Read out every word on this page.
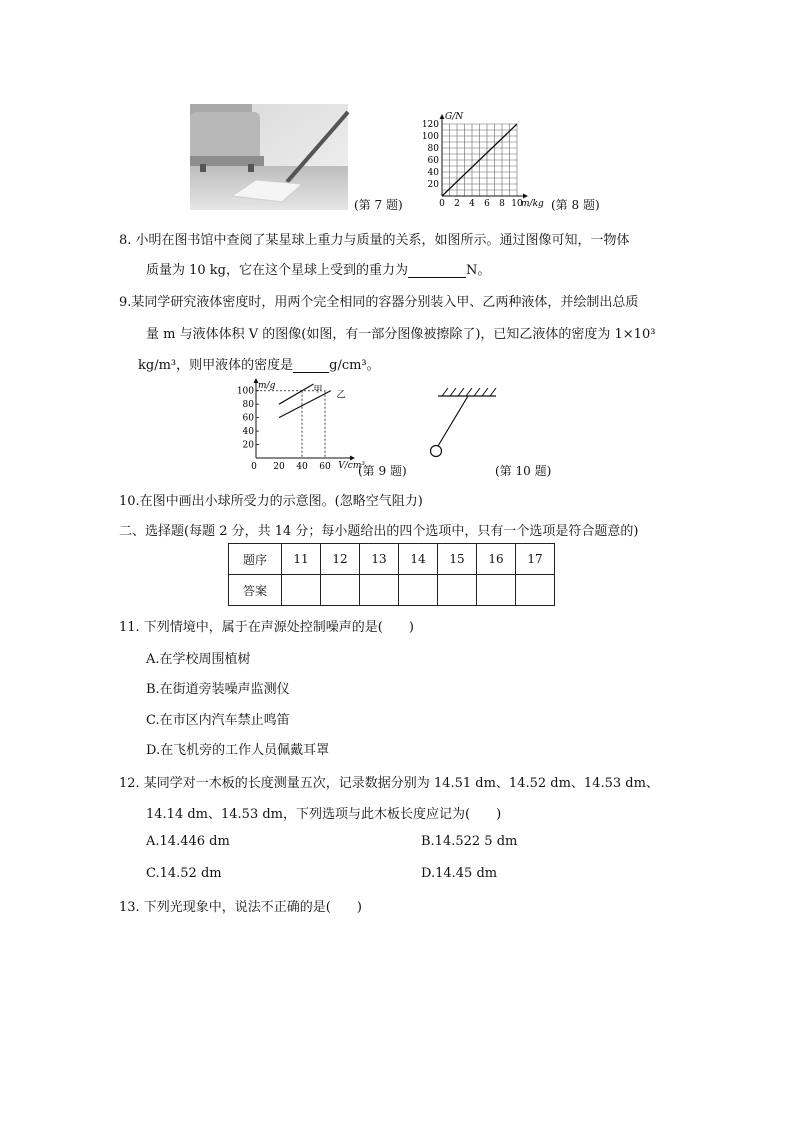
(第 7 题)
G/N
m/kg
120
100
80
60
40
20
0 2 4 6 8 10 (第 8 题)
8. 小明在图书馆中查阅了某星球上重力与质量的关系，如图所示。通过图像可知，一物体
质量为 10 kg，它在这个星球上受到的重力为	N。
9.某同学研究液体密度时，用两个完全相同的容器分别装入甲、乙两种液体，并绘制出总质
量 m 与液体体积 V 的图像(如图，有一部分图像被擦除了)，已知乙液体的密度为 1×10³
kg/m³，则甲液体的密度是	g/cm³。
m/g
V/cm³
甲
乙
100
80
60
40
20
0 20 40 60 (第 9 题)	(第 10 题)
10.在图中画出小球所受力的示意图。(忽略空气阻力)
二、选择题(每题 2 分，共 14 分；每小题给出的四个选项中，只有一个选项是符合题意的)
题序	11	12	13	14	15	16	17
答案							
11. 下列情境中，属于在声源处控制噪声的是(　　)
A.在学校周围植树
B.在街道旁装噪声监测仪
C.在市区内汽车禁止鸣笛
D.在飞机旁的工作人员佩戴耳罩
12. 某同学对一木板的长度测量五次，记录数据分别为 14.51 dm、14.52 dm、14.53 dm、
14.14 dm、14.53 dm，下列选项与此木板长度应记为(　　)
A.14.446 dm	B.14.522 5 dm
C.14.52 dm	D.14.45 dm
13. 下列光现象中，说法不正确的是(　　)
